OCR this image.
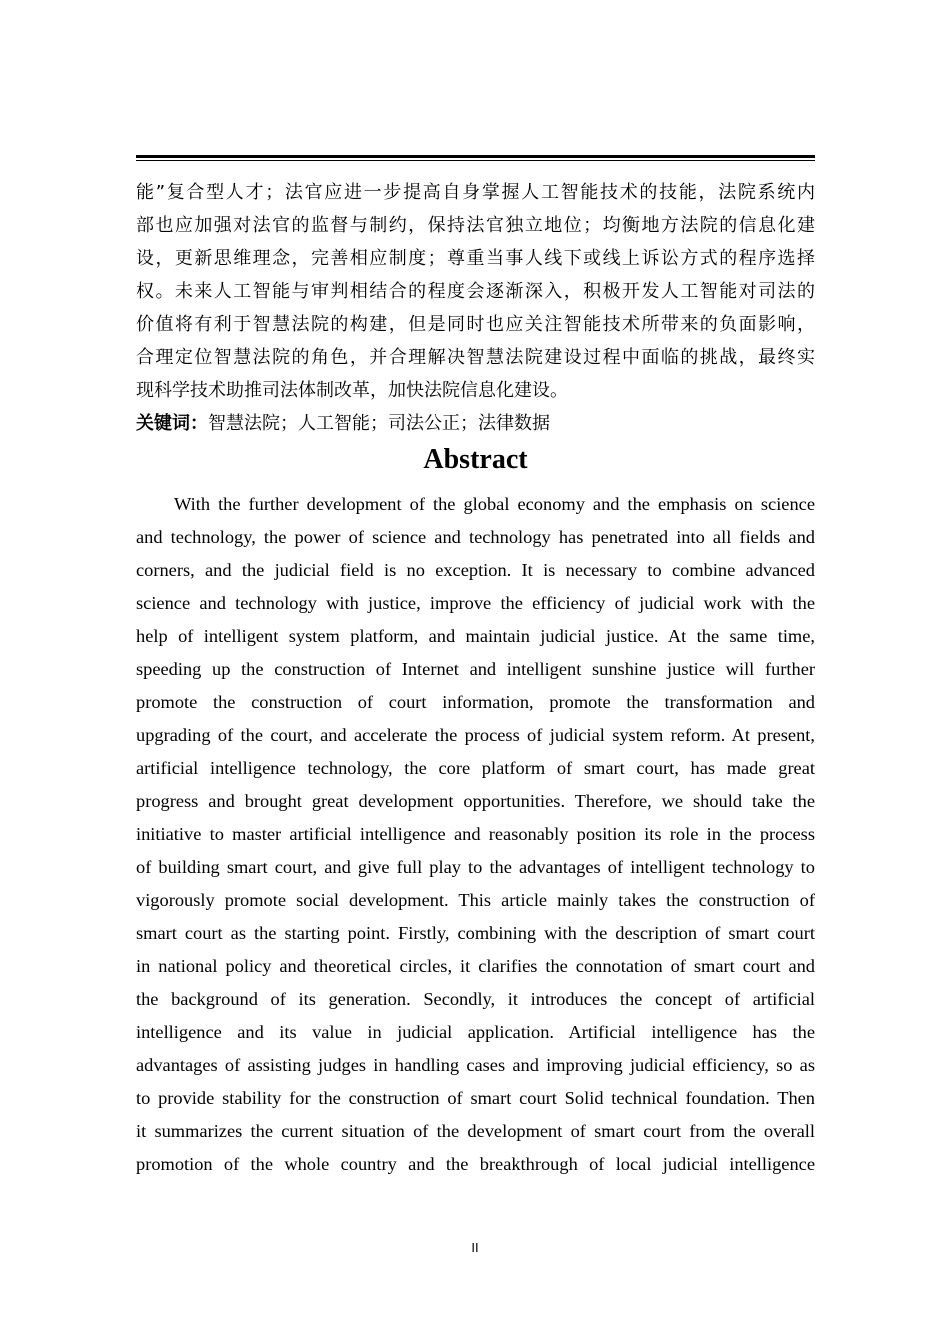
能”复合型人才；法官应进一步提高自身掌握人工智能技术的技能，法院系统内

部也应加强对法官的监督与制约，保持法官独立地位；均衡地方法院的信息化建

设，更新思维理念，完善相应制度；尊重当事人线下或线上诉讼方式的程序选择

权。未来人工智能与审判相结合的程度会逐渐深入，积极开发人工智能对司法的

价值将有利于智慧法院的构建，但是同时也应关注智能技术所带来的负面影响，

合理定位智慧法院的角色，并合理解决智慧法院建设过程中面临的挑战，最终实

现科学技术助推司法体制改革，加快法院信息化建设。

关键词：智慧法院；人工智能；司法公正；法律数据

Abstract

With the further development of the global economy and the emphasis on science

and technology, the power of science and technology has penetrated into all fields and

corners, and the judicial field is no exception. It is necessary to combine advanced

science and technology with justice, improve the efficiency of judicial work with the

help of intelligent system platform, and maintain judicial justice. At the same time,

speeding up the construction of Internet and intelligent sunshine justice will further

promote the construction of court information, promote the transformation and

upgrading of the court, and accelerate the process of judicial system reform. At present,

artificial intelligence technology, the core platform of smart court, has made great

progress and brought great development opportunities. Therefore, we should take the

initiative to master artificial intelligence and reasonably position its role in the process

of building smart court, and give full play to the advantages of intelligent technology to

vigorously promote social development. This article mainly takes the construction of

smart court as the starting point. Firstly, combining with the description of smart court

in national policy and theoretical circles, it clarifies the connotation of smart court and

the background of its generation. Secondly, it introduces the concept of artificial

intelligence and its value in judicial application. Artificial intelligence has the

advantages of assisting judges in handling cases and improving judicial efficiency, so as

to provide stability for the construction of smart court Solid technical foundation. Then

it summarizes the current situation of the development of smart court from the overall

promotion of the whole country and the breakthrough of local judicial intelligence

II
